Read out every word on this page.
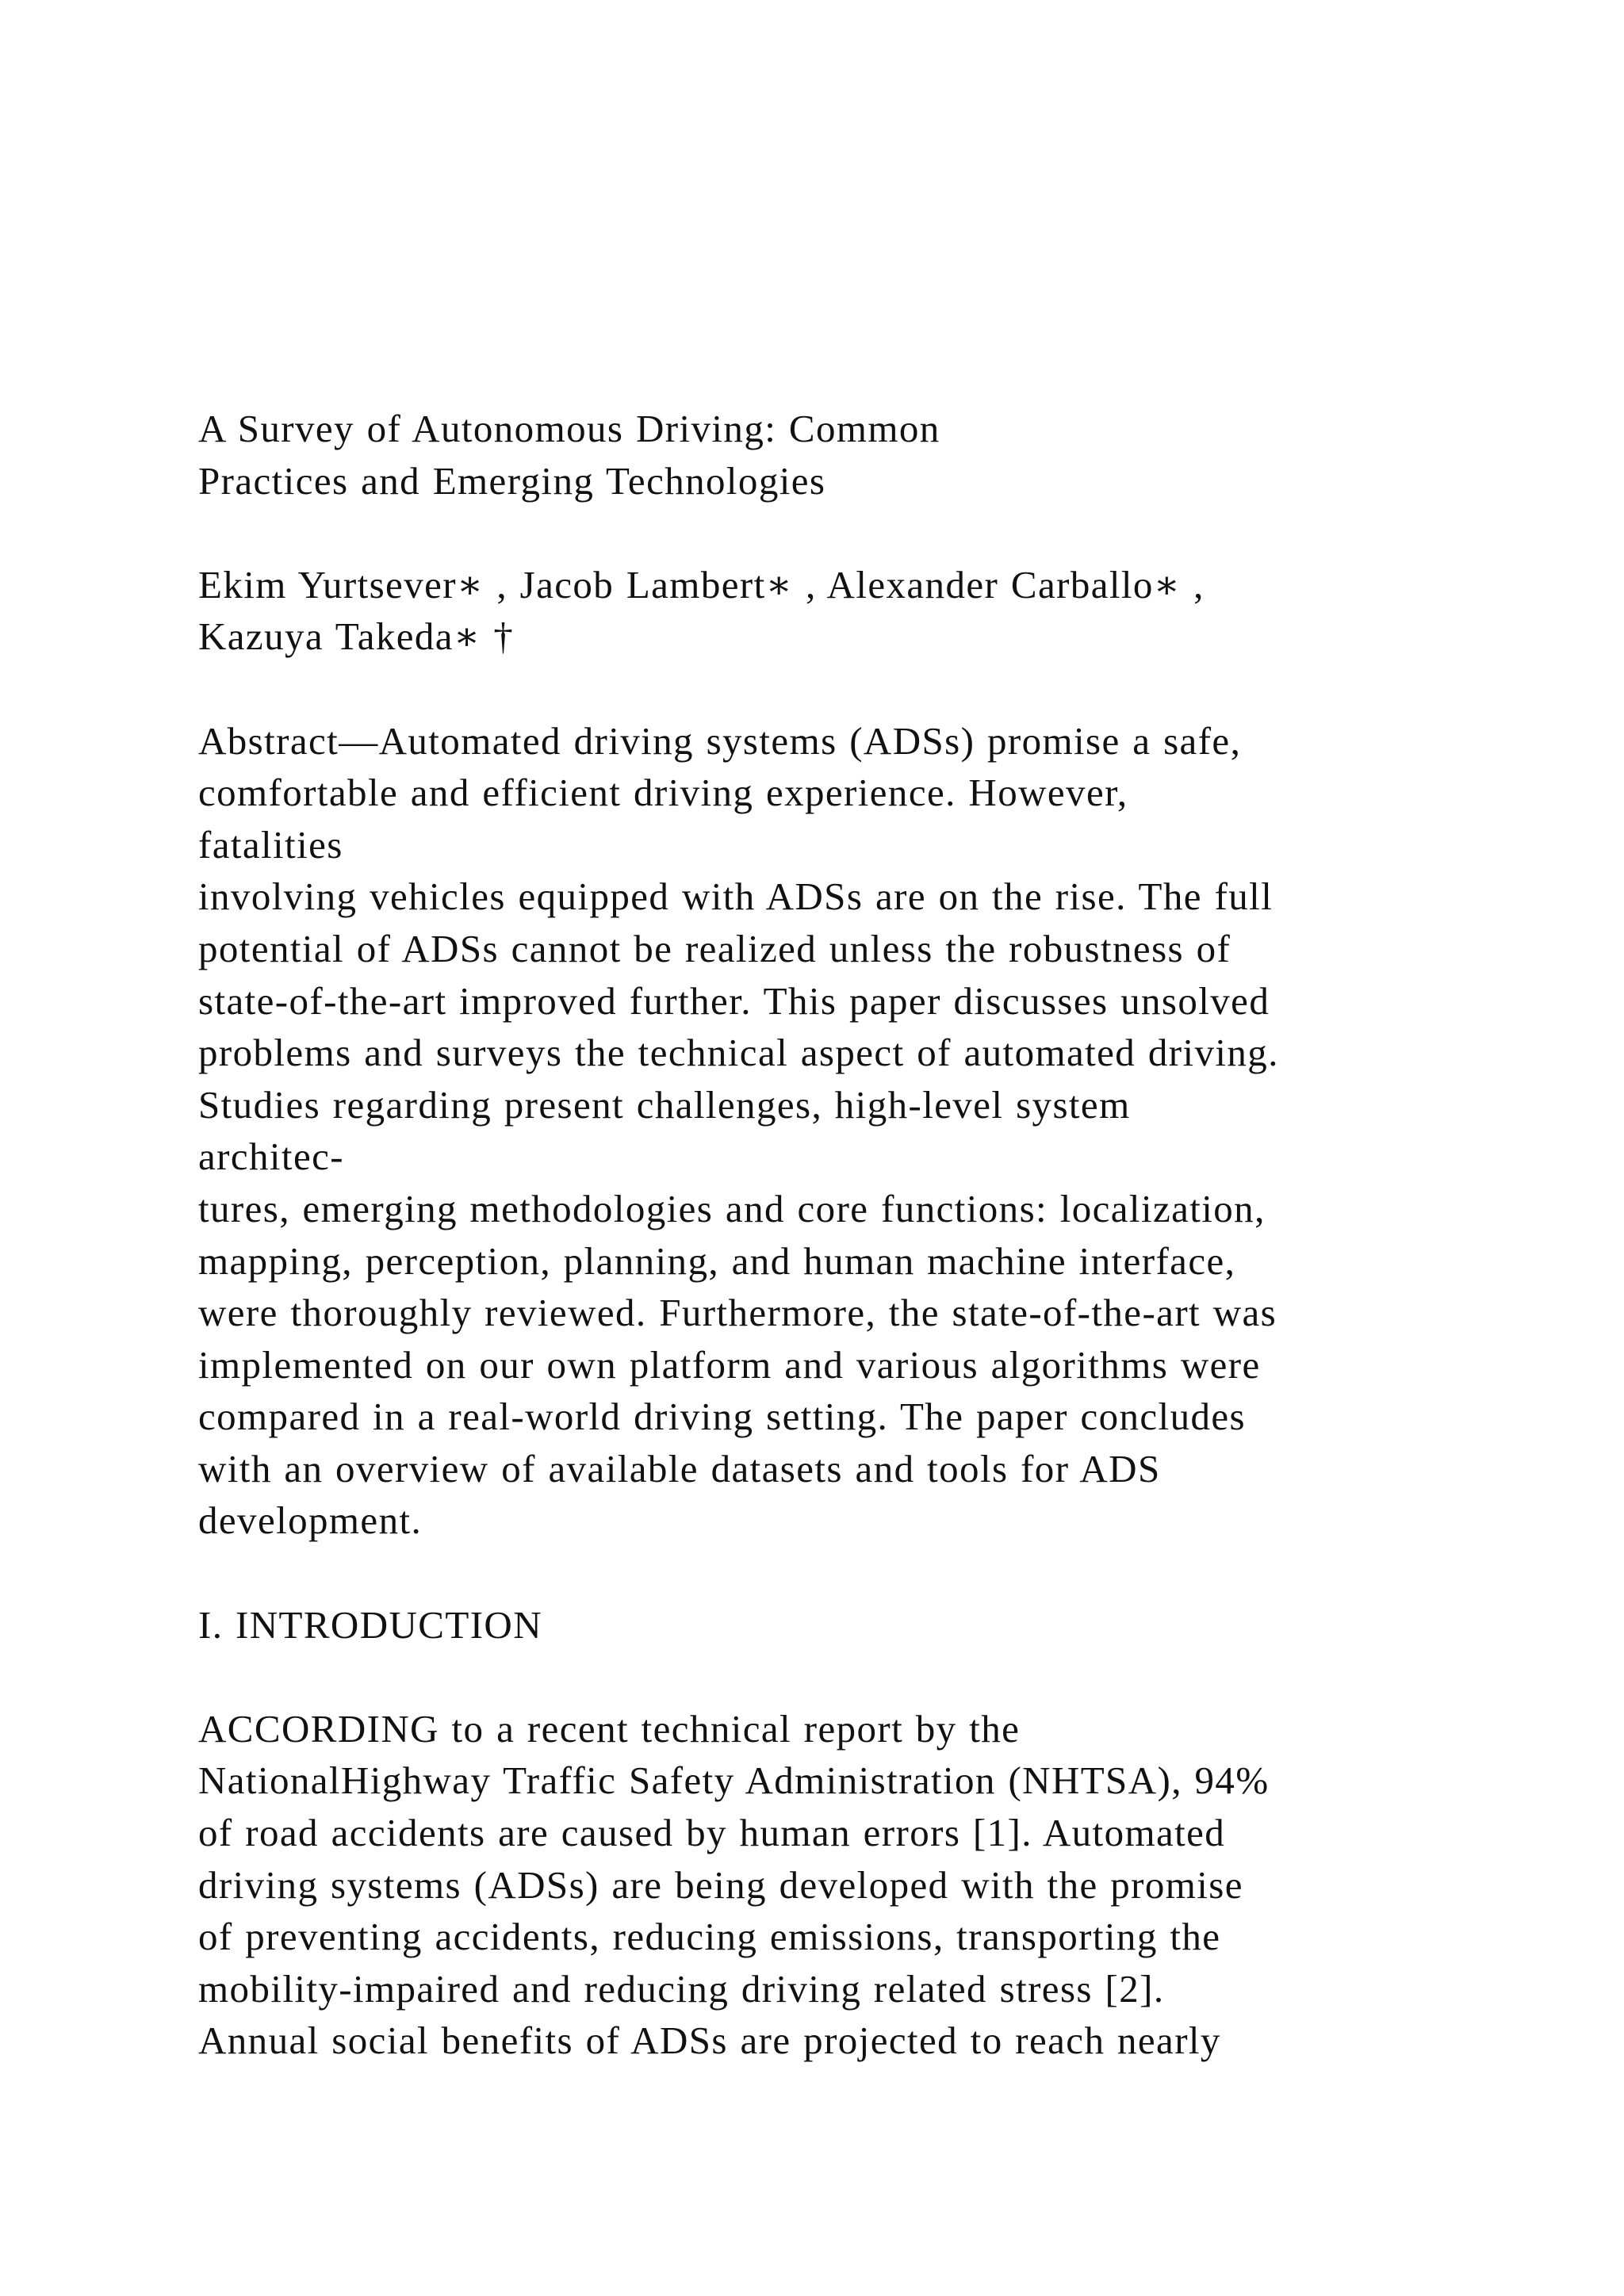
A Survey of Autonomous Driving: Common
Practices and Emerging Technologies
Ekim Yurtsever∗ , Jacob Lambert∗ , Alexander Carballo∗ ,
Kazuya Takeda∗ †
Abstract—Automated driving systems (ADSs) promise a safe,
comfortable and efficient driving experience. However,
fatalities
involving vehicles equipped with ADSs are on the rise. The full
potential of ADSs cannot be realized unless the robustness of
state-of-the-art improved further. This paper discusses unsolved
problems and surveys the technical aspect of automated driving.
Studies regarding present challenges, high-level system
architec-
tures, emerging methodologies and core functions: localization,
mapping, perception, planning, and human machine interface,
were thoroughly reviewed. Furthermore, the state-of-the-art was
implemented on our own platform and various algorithms were
compared in a real-world driving setting. The paper concludes
with an overview of available datasets and tools for ADS
development.
I. INTRODUCTION
ACCORDING to a recent technical report by the
NationalHighway Traffic Safety Administration (NHTSA), 94%
of road accidents are caused by human errors [1]. Automated
driving systems (ADSs) are being developed with the promise
of preventing accidents, reducing emissions, transporting the
mobility-impaired and reducing driving related stress [2].
Annual social benefits of ADSs are projected to reach nearly
